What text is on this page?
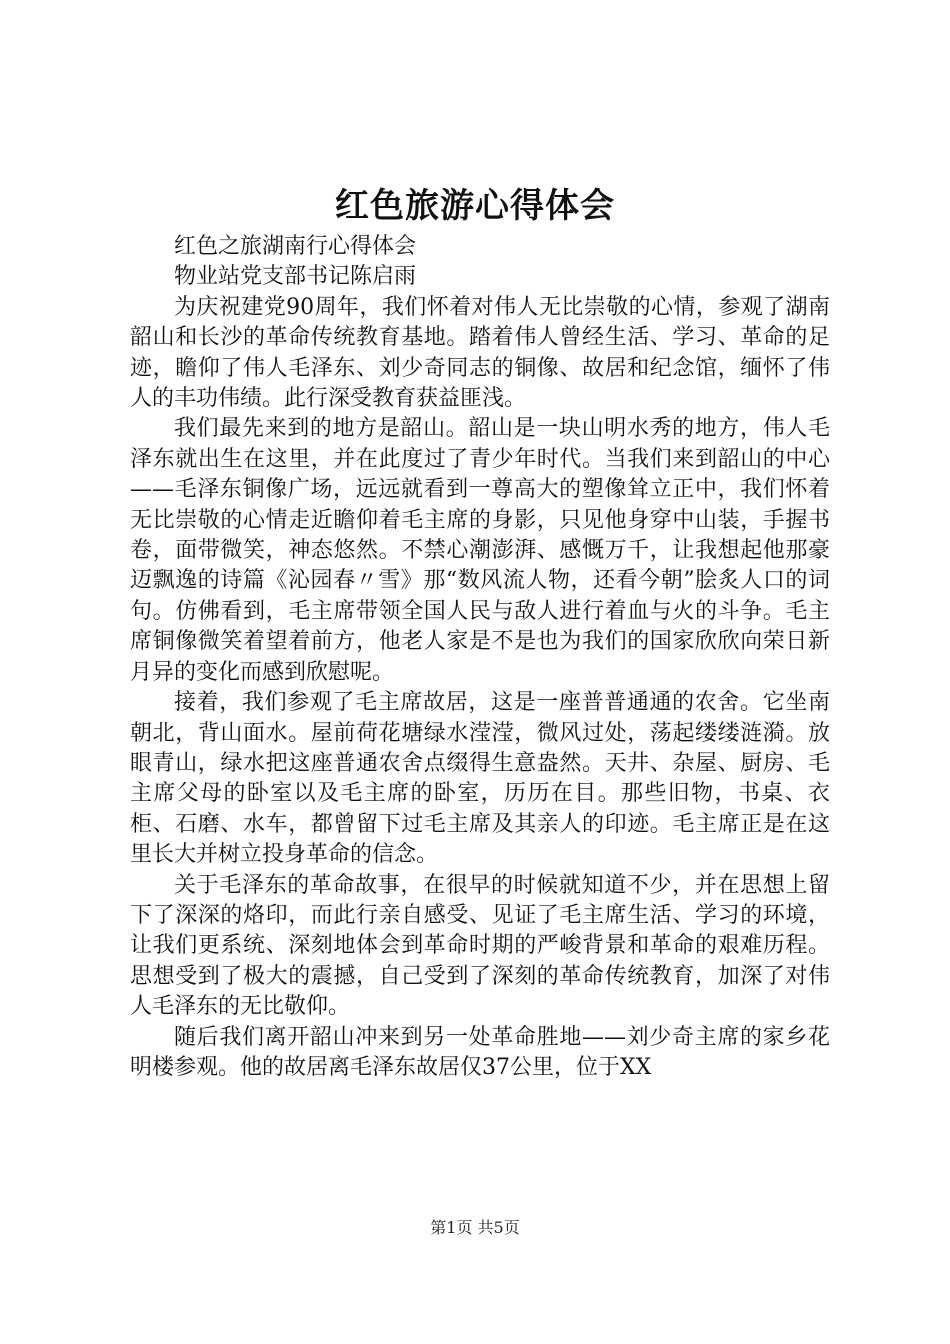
红色旅游心得体会

红色之旅湖南行心得体会

物业站党支部书记陈启雨

为庆祝建党90周年，我们怀着对伟人无比崇敬的心情，参观了湖南韶山和长沙的革命传统教育基地。踏着伟人曾经生活、学习、革命的足迹，瞻仰了伟人毛泽东、刘少奇同志的铜像、故居和纪念馆，缅怀了伟人的丰功伟绩。此行深受教育获益匪浅。

我们最先来到的地方是韶山。韶山是一块山明水秀的地方，伟人毛泽东就出生在这里，并在此度过了青少年时代。当我们来到韶山的中心——毛泽东铜像广场，远远就看到一尊高大的塑像耸立正中，我们怀着无比崇敬的心情走近瞻仰着毛主席的身影，只见他身穿中山装，手握书卷，面带微笑，神态悠然。不禁心潮澎湃、感慨万千，让我想起他那豪迈飘逸的诗篇《沁园春〃雪》那“数风流人物，还看今朝”脍炙人口的词句。仿佛看到，毛主席带领全国人民与敌人进行着血与火的斗争。毛主席铜像微笑着望着前方，他老人家是不是也为我们的国家欣欣向荣日新月异的变化而感到欣慰呢。

接着，我们参观了毛主席故居，这是一座普普通通的农舍。它坐南朝北，背山面水。屋前荷花塘绿水滢滢，微风过处，荡起缕缕涟漪。放眼青山，绿水把这座普通农舍点缀得生意盎然。天井、杂屋、厨房、毛主席父母的卧室以及毛主席的卧室，历历在目。那些旧物，书桌、衣柜、石磨、水车，都曾留下过毛主席及其亲人的印迹。毛主席正是在这里长大并树立投身革命的信念。

关于毛泽东的革命故事，在很早的时候就知道不少，并在思想上留下了深深的烙印，而此行亲自感受、见证了毛主席生活、学习的环境，让我们更系统、深刻地体会到革命时期的严峻背景和革命的艰难历程。思想受到了极大的震撼，自己受到了深刻的革命传统教育，加深了对伟人毛泽东的无比敬仰。

随后我们离开韶山冲来到另一处革命胜地——刘少奇主席的家乡花明楼参观。他的故居离毛泽东故居仅37公里，位于XX

第1页 共5页
